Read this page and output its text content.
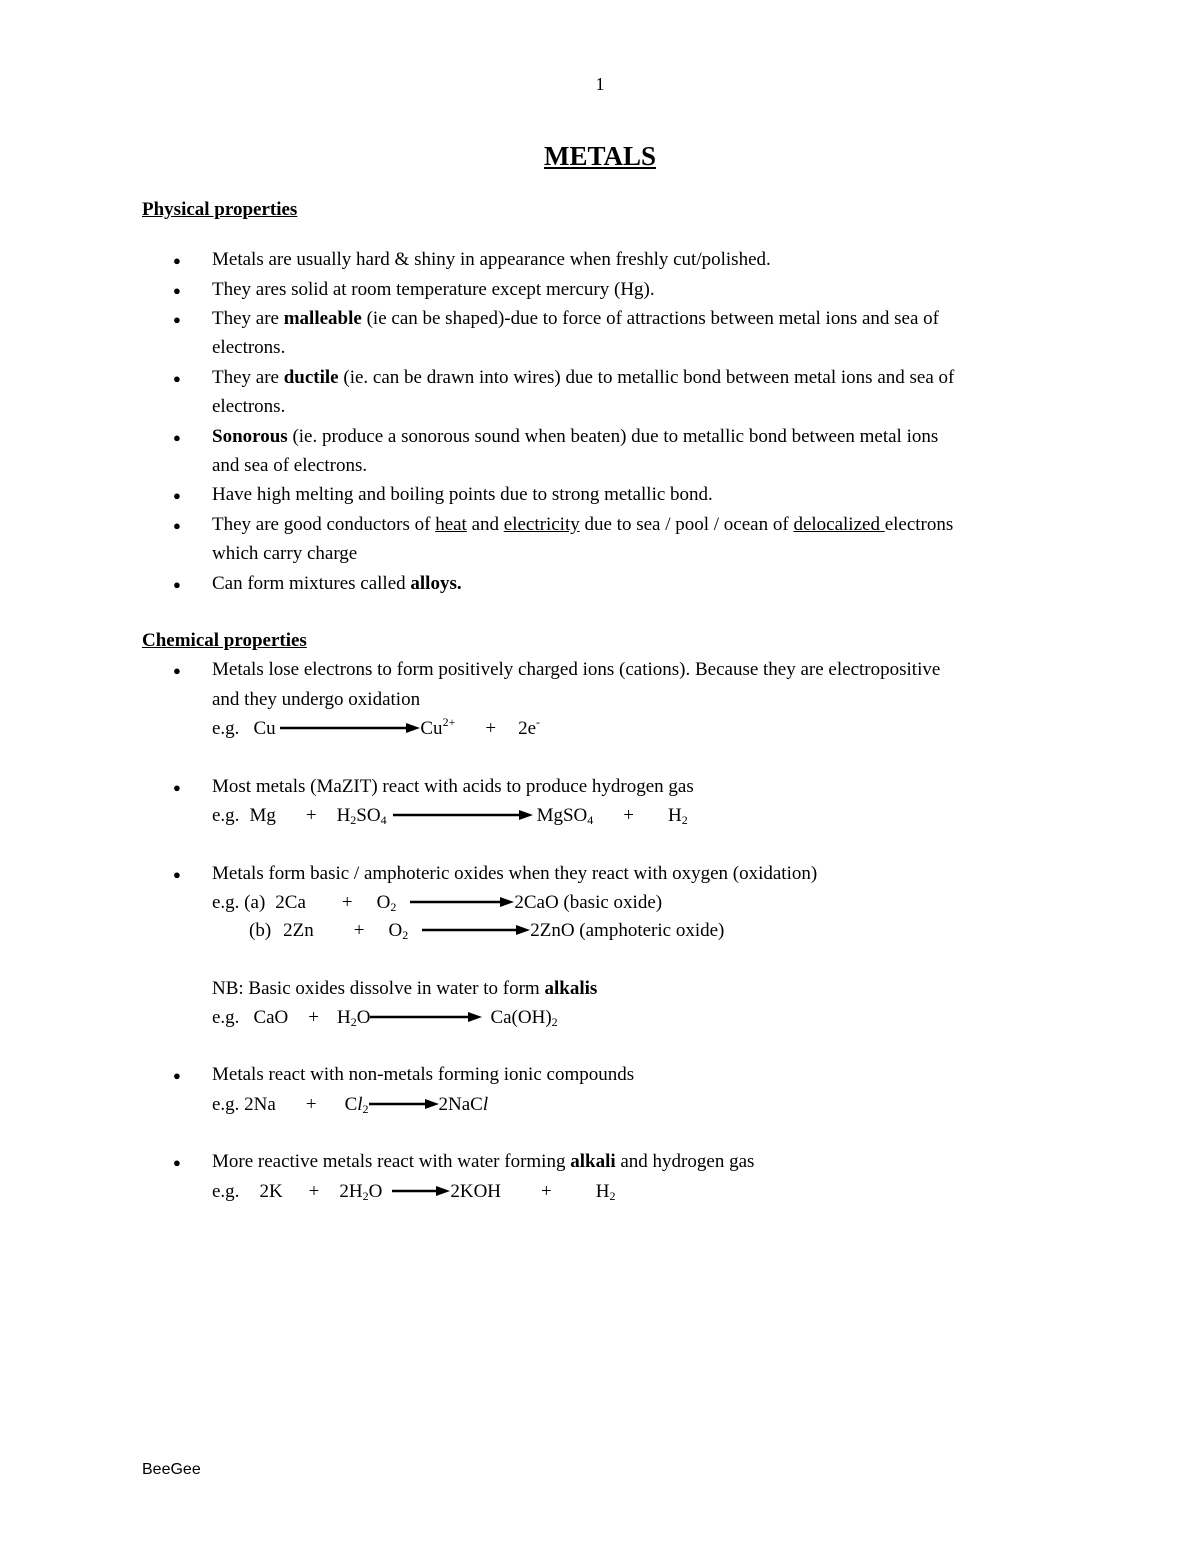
1
METALS
Physical properties
● Metals are usually hard & shiny in appearance when freshly cut/polished.
● They ares solid at room temperature except mercury (Hg).
● They are malleable (ie can be shaped)-due to force of attractions between metal ions and sea of
electrons.
● They are ductile (ie. can be drawn into wires) due to metallic bond between metal ions and sea of
electrons.
● Sonorous (ie. produce a sonorous sound when beaten) due to metallic bond between metal ions
and sea of electrons.
● Have high melting and boiling points due to strong metallic bond.
● They are good conductors of heat and electricity due to sea / pool / ocean of delocalized electrons
which carry charge
● Can form mixtures called alloys.
Chemical properties
● Metals lose electrons to form positively charged ions (cations). Because they are electropositive
and they undergo oxidation
e.g. Cu	$Cu^{2+} + 2e^-$
● Most metals (MaZIT) react with acids to produce hydrogen gas
e.g. $Mg + H_2SO_4$	MgSO$_4$ + $H_2$
● Metals form basic / amphoteric oxides when they react with oxygen (oxidation)
e.g. (a) $2Ca + O_2$	2CaO (basic oxide)
(b) $2Zn + O_2$	2ZnO (amphoteric oxide)
NB: Basic oxides dissolve in water to form alkalis
e.g. CaO + $H_2O$	$Ca(OH)_2$
● Metals react with non-metals forming ionic compounds
e.g. $2Na + Cl_2$	2NaCl
● More reactive metals react with water forming alkali and hydrogen gas
e.g. $2K + 2H_2O$	$2KOH + H_2$
BeeGee
